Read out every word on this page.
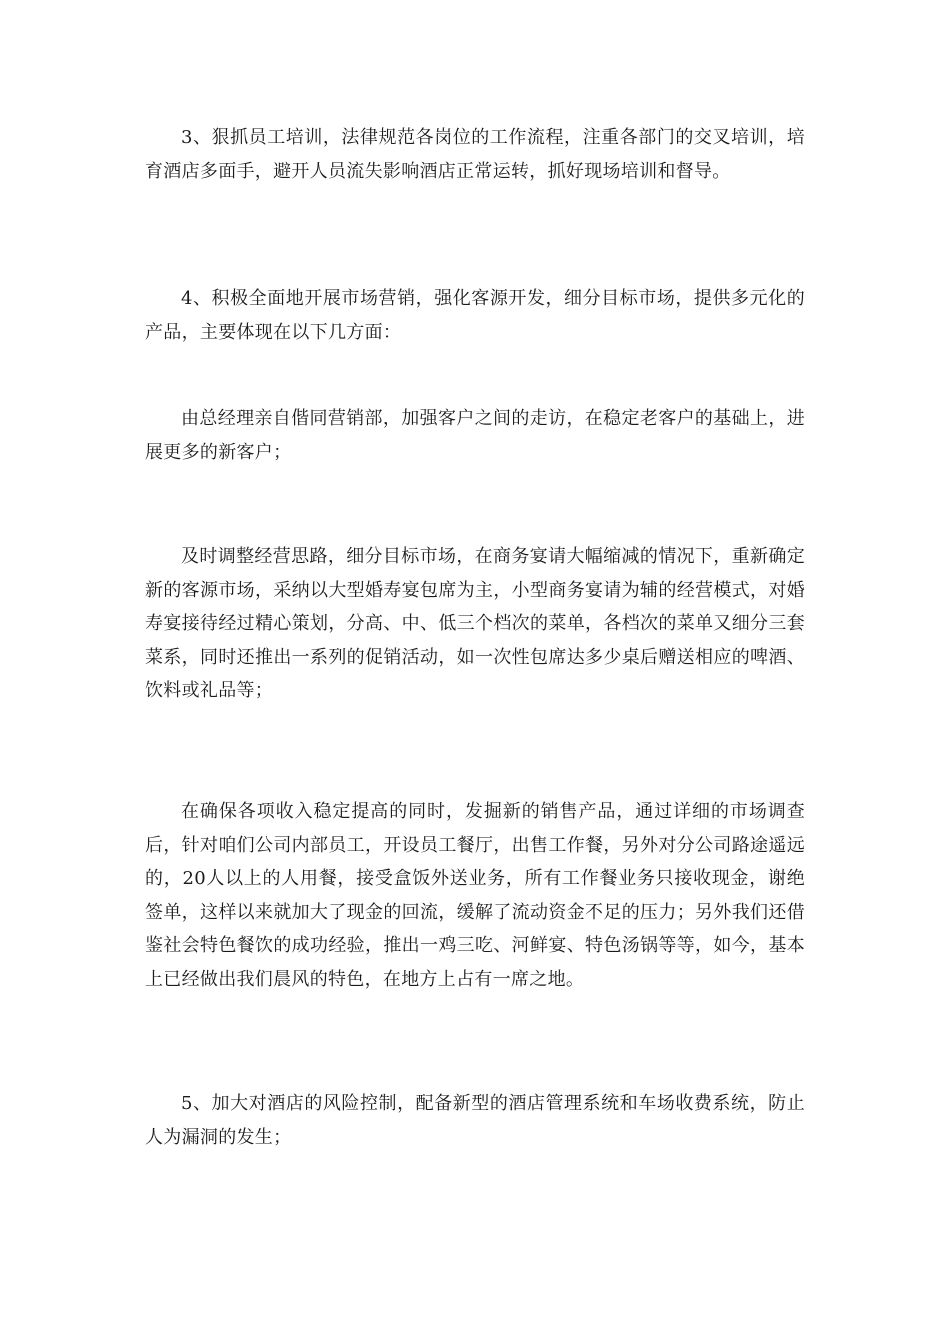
3、狠抓员工培训，法律规范各岗位的工作流程，注重各部门的交叉培训，培育酒店多面手，避开人员流失影响酒店正常运转，抓好现场培训和督导。

4、积极全面地开展市场营销，强化客源开发，细分目标市场，提供多元化的产品，主要体现在以下几方面：

由总经理亲自偕同营销部，加强客户之间的走访，在稳定老客户的基础上，进展更多的新客户；

及时调整经营思路，细分目标市场，在商务宴请大幅缩减的情况下，重新确定新的客源市场，采纳以大型婚寿宴包席为主，小型商务宴请为辅的经营模式，对婚寿宴接待经过精心策划，分高、中、低三个档次的菜单，各档次的菜单又细分三套菜系，同时还推出一系列的促销活动，如一次性包席达多少桌后赠送相应的啤酒、饮料或礼品等；

在确保各项收入稳定提高的同时，发掘新的销售产品，通过详细的市场调查后，针对咱们公司内部员工，开设员工餐厅，出售工作餐，另外对分公司路途遥远的，20人以上的人用餐，接受盒饭外送业务，所有工作餐业务只接收现金，谢绝签单，这样以来就加大了现金的回流，缓解了流动资金不足的压力；另外我们还借鉴社会特色餐饮的成功经验，推出一鸡三吃、河鲜宴、特色汤锅等等，如今，基本上已经做出我们晨风的特色，在地方上占有一席之地。

5、加大对酒店的风险控制，配备新型的酒店管理系统和车场收费系统，防止人为漏洞的发生；
